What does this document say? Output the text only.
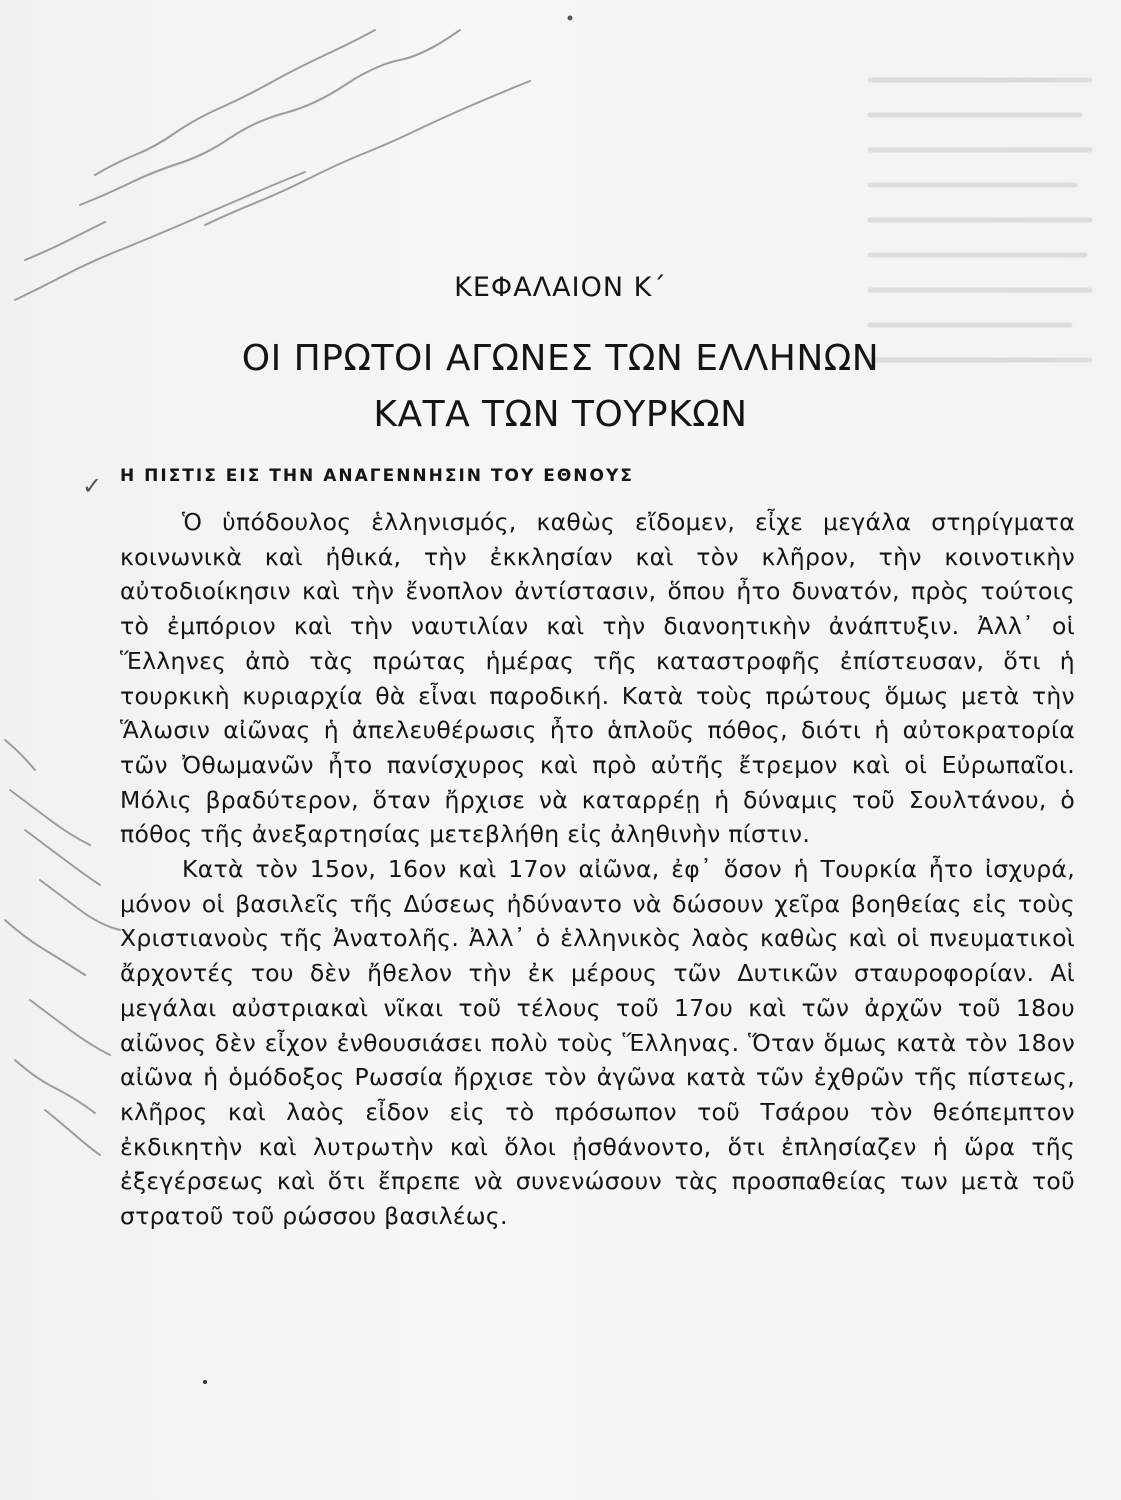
ΚΕΦΑΛΑΙΟΝ Κ΄
ΟΙ ΠΡΩΤΟΙ ΑΓΩΝΕΣ ΤΩΝ ΕΛΛΗΝΩΝ
ΚΑΤΑ ΤΩΝ ΤΟΥΡΚΩΝ
✓ Η ΠΙΣΤΙΣ ΕΙΣ ΤΗΝ ΑΝΑΓΕΝΝΗΣΙΝ ΤΟΥ ΕΘΝΟΥΣ

Ὁ ὑπόδουλος ἑλληνισμός, καθὼς εἴδομεν, εἶχε μεγάλα στηρίγματα κοινωνικὰ καὶ ἠθικά, τὴν ἐκκλησίαν καὶ τὸν κλῆρον, τὴν κοινοτικὴν αὐτοδιοίκησιν καὶ τὴν ἔνοπλον ἀντίστασιν, ὅπου ἦτο δυνατόν, πρὸς τούτοις τὸ ἐμπόριον καὶ τὴν ναυτιλίαν καὶ τὴν διανοητικὴν ἀνάπτυξιν. Ἀλλ᾽ οἱ Ἕλληνες ἀπὸ τὰς πρώτας ἡμέρας τῆς καταστροφῆς ἐπίστευσαν, ὅτι ἡ τουρκικὴ κυριαρχία θὰ εἶναι παροδική. Κατὰ τοὺς πρώτους ὅμως μετὰ τὴν Ἅλωσιν αἰῶνας ἡ ἀπελευθέρωσις ἦτο ἁπλοῦς πόθος, διότι ἡ αὐτοκρατορία τῶν Ὀθωμανῶν ἦτο πανίσχυρος καὶ πρὸ αὐτῆς ἔτρεμον καὶ οἱ Εὐρωπαῖοι. Μόλις βραδύτερον, ὅταν ἤρχισε νὰ καταρρέῃ ἡ δύναμις τοῦ Σουλτάνου, ὁ πόθος τῆς ἀνεξαρτησίας μετεβλήθη εἰς ἀληθινὴν πίστιν.

Κατὰ τὸν 15ον, 16ον καὶ 17ον αἰῶνα, ἐφ᾽ ὅσον ἡ Τουρκία ἦτο ἰσχυρά, μόνον οἱ βασιλεῖς τῆς Δύσεως ἠδύναντο νὰ δώσουν χεῖρα βοηθείας εἰς τοὺς Χριστιανοὺς τῆς Ἀνατολῆς. Ἀλλ᾽ ὁ ἑλληνικὸς λαὸς καθὼς καὶ οἱ πνευματικοὶ ἄρχοντές του δὲν ἤθελον τὴν ἐκ μέρους τῶν Δυτικῶν σταυροφορίαν. Αἱ μεγάλαι αὐστριακαὶ νῖκαι τοῦ τέλους τοῦ 17ου καὶ τῶν ἀρχῶν τοῦ 18ου αἰῶνος δὲν εἶχον ἐνθουσιάσει πολὺ τοὺς Ἕλληνας. Ὅταν ὅμως κατὰ τὸν 18ον αἰῶνα ἡ ὁμόδοξος Ρωσσία ἤρχισε τὸν ἀγῶνα κατὰ τῶν ἐχθρῶν τῆς πίστεως, κλῆρος καὶ λαὸς εἶδον εἰς τὸ πρόσωπον τοῦ Τσάρου τὸν θεόπεμπτον ἐκδικητὴν καὶ λυτρωτὴν καὶ ὅλοι ᾐσθάνοντο, ὅτι ἐπλησίαζεν ἡ ὥρα τῆς ἐξεγέρσεως καὶ ὅτι ἔπρεπε νὰ συνενώσουν τὰς προσπαθείας των μετὰ τοῦ στρατοῦ τοῦ ρώσσου βασιλέως.
